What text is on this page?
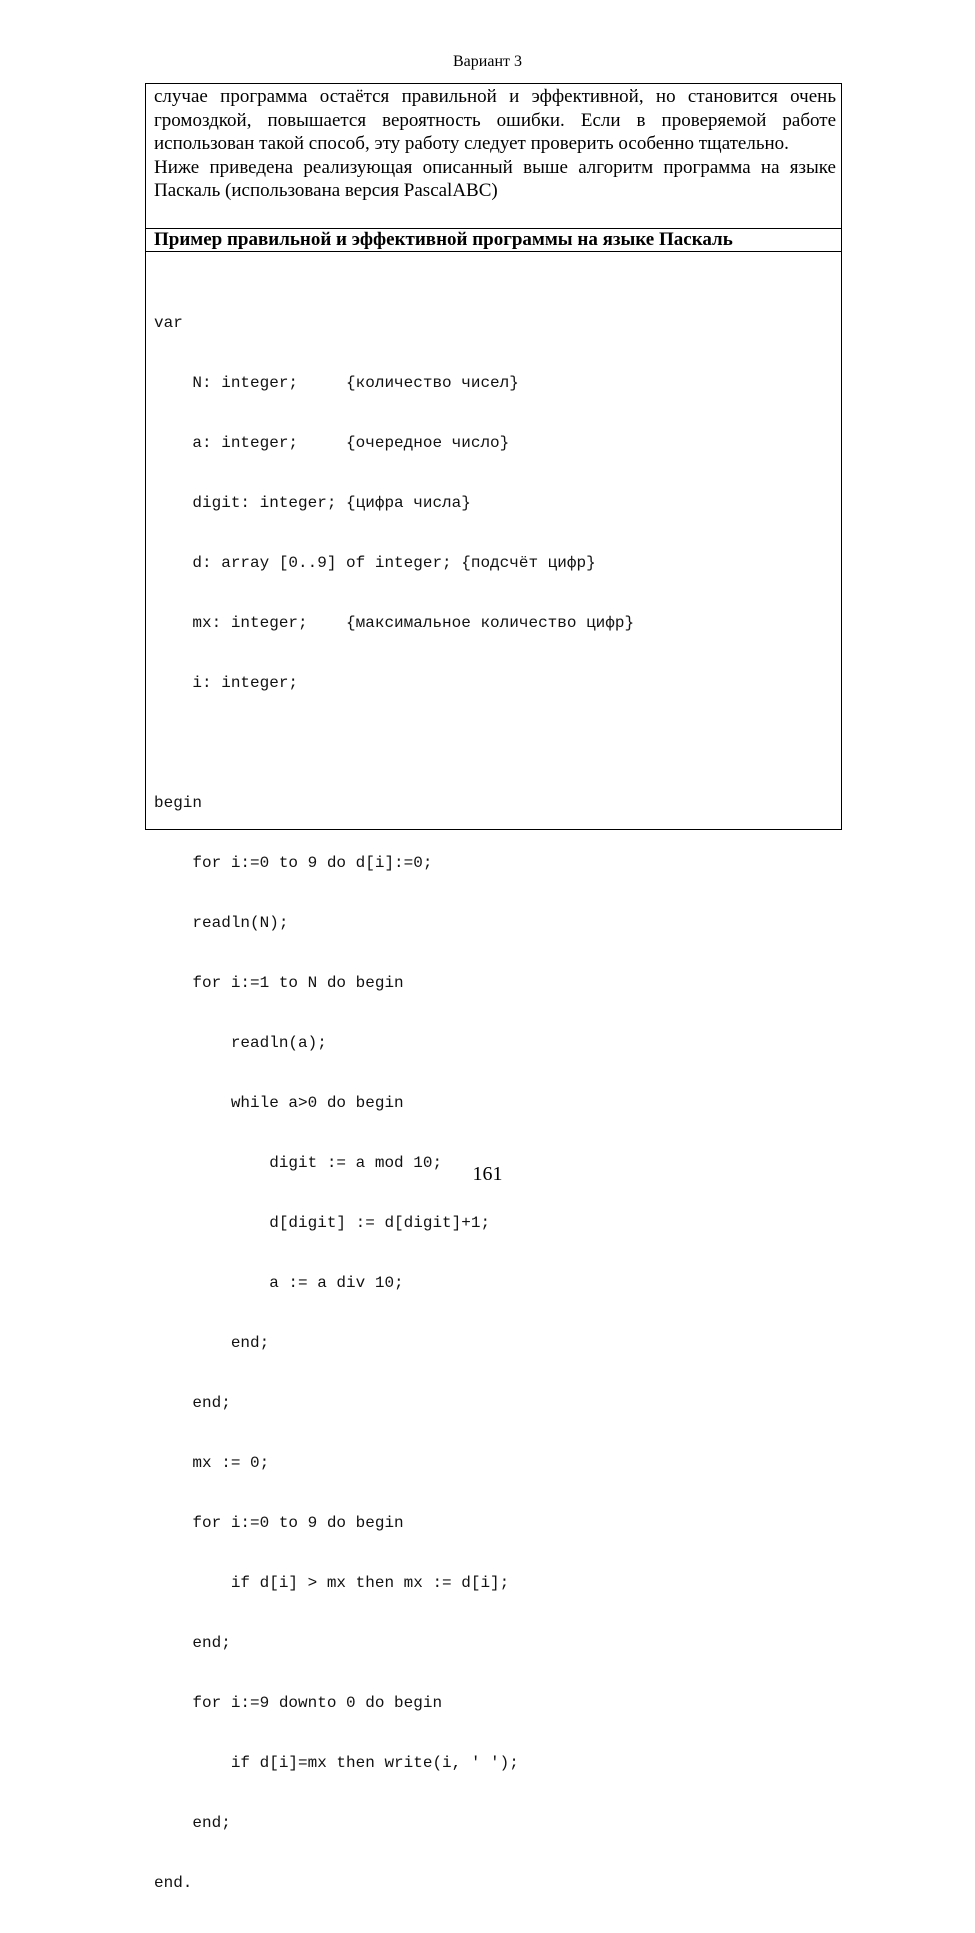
Вариант 3

случае программа остаётся правильной и эффективной, но становится очень громоздкой, повышается вероятность ошибки. Если в проверяемой работе использован такой способ, эту работу следует проверить особенно тщательно.

Ниже приведена реализующая описанный выше алгоритм программа на языке Паскаль (использована версия PascalABC)

Пример правильной и эффективной программы на языке Паскаль

var

N: integer;     {количество чисел}

a: integer;     {очередное число}

digit: integer; {цифра числа}

d: array [0..9] of integer; {подсчёт цифр}

mx: integer;    {максимальное количество цифр}

i: integer;

begin

for i:=0 to 9 do d[i]:=0;

readln(N);

for i:=1 to N do begin

readln(a);

while a>0 do begin

digit := a mod 10;

d[digit] := d[digit]+1;

a := a div 10;

end;

end;

mx := 0;

for i:=0 to 9 do begin

if d[i] > mx then mx := d[i];

end;

for i:=9 downto 0 do begin

if d[i]=mx then write(i, ' ');

end;

end.

161
